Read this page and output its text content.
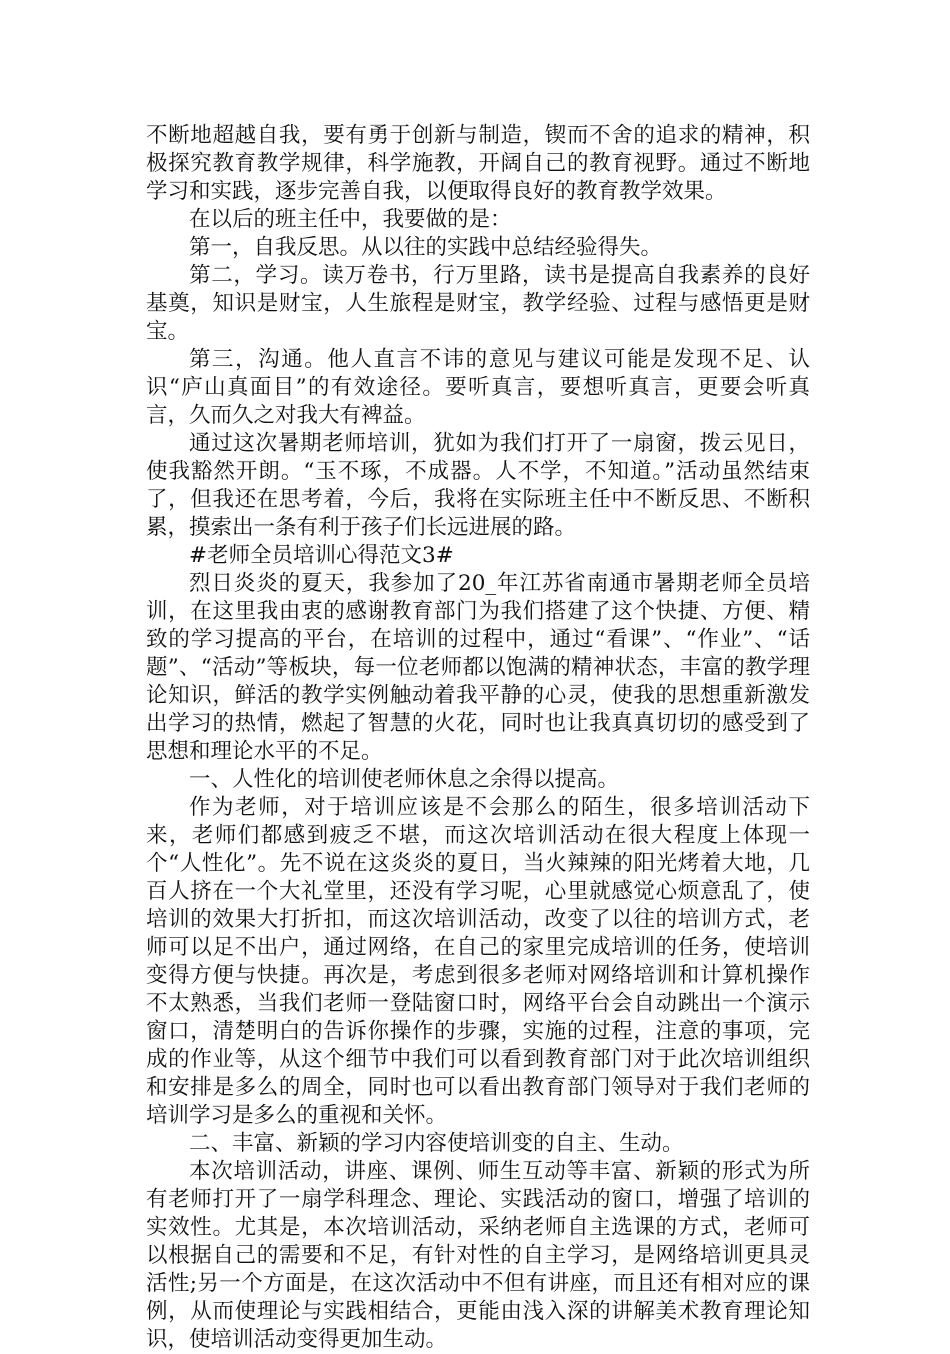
不断地超越自我，要有勇于创新与制造，锲而不舍的追求的精神，积极探究教育教学规律，科学施教，开阔自己的教育视野。通过不断地学习和实践，逐步完善自我，以便取得良好的教育教学效果。

在以后的班主任中，我要做的是：

第一，自我反思。从以往的实践中总结经验得失。

第二，学习。读万卷书，行万里路，读书是提高自我素养的良好基奠，知识是财宝，人生旅程是财宝，教学经验、过程与感悟更是财宝。

第三，沟通。他人直言不讳的意见与建议可能是发现不足、认识“庐山真面目”的有效途径。要听真言，要想听真言，更要会听真言，久而久之对我大有裨益。

通过这次暑期老师培训，犹如为我们打开了一扇窗，拨云见日，使我豁然开朗。“玉不琢，不成器。人不学，不知道。”活动虽然结束了，但我还在思考着，今后，我将在实际班主任中不断反思、不断积累，摸索出一条有利于孩子们长远进展的路。

#老师全员培训心得范文3#

烈日炎炎的夏天，我参加了20_年江苏省南通市暑期老师全员培训，在这里我由衷的感谢教育部门为我们搭建了这个快捷、方便、精致的学习提高的平台，在培训的过程中，通过“看课”、“作业”、“话题”、“活动”等板块，每一位老师都以饱满的精神状态，丰富的教学理论知识，鲜活的教学实例触动着我平静的心灵，使我的思想重新激发出学习的热情，燃起了智慧的火花，同时也让我真真切切的感受到了思想和理论水平的不足。

一、人性化的培训使老师休息之余得以提高。

作为老师，对于培训应该是不会那么的陌生，很多培训活动下来，老师们都感到疲乏不堪，而这次培训活动在很大程度上体现一个“人性化”。先不说在这炎炎的夏日，当火辣辣的阳光烤着大地，几百人挤在一个大礼堂里，还没有学习呢，心里就感觉心烦意乱了，使培训的效果大打折扣，而这次培训活动，改变了以往的培训方式，老师可以足不出户，通过网络，在自己的家里完成培训的任务，使培训变得方便与快捷。再次是，考虑到很多老师对网络培训和计算机操作不太熟悉，当我们老师一登陆窗口时，网络平台会自动跳出一个演示窗口，清楚明白的告诉你操作的步骤，实施的过程，注意的事项，完成的作业等，从这个细节中我们可以看到教育部门对于此次培训组织和安排是多么的周全，同时也可以看出教育部门领导对于我们老师的培训学习是多么的重视和关怀。

二、丰富、新颖的学习内容使培训变的自主、生动。

本次培训活动，讲座、课例、师生互动等丰富、新颖的形式为所有老师打开了一扇学科理念、理论、实践活动的窗口，增强了培训的实效性。尤其是，本次培训活动，采纳老师自主选课的方式，老师可以根据自己的需要和不足，有针对性的自主学习，是网络培训更具灵活性;另一个方面是，在这次活动中不但有讲座，而且还有相对应的课例，从而使理论与实践相结合，更能由浅入深的讲解美术教育理论知识，使培训活动变得更加生动。
